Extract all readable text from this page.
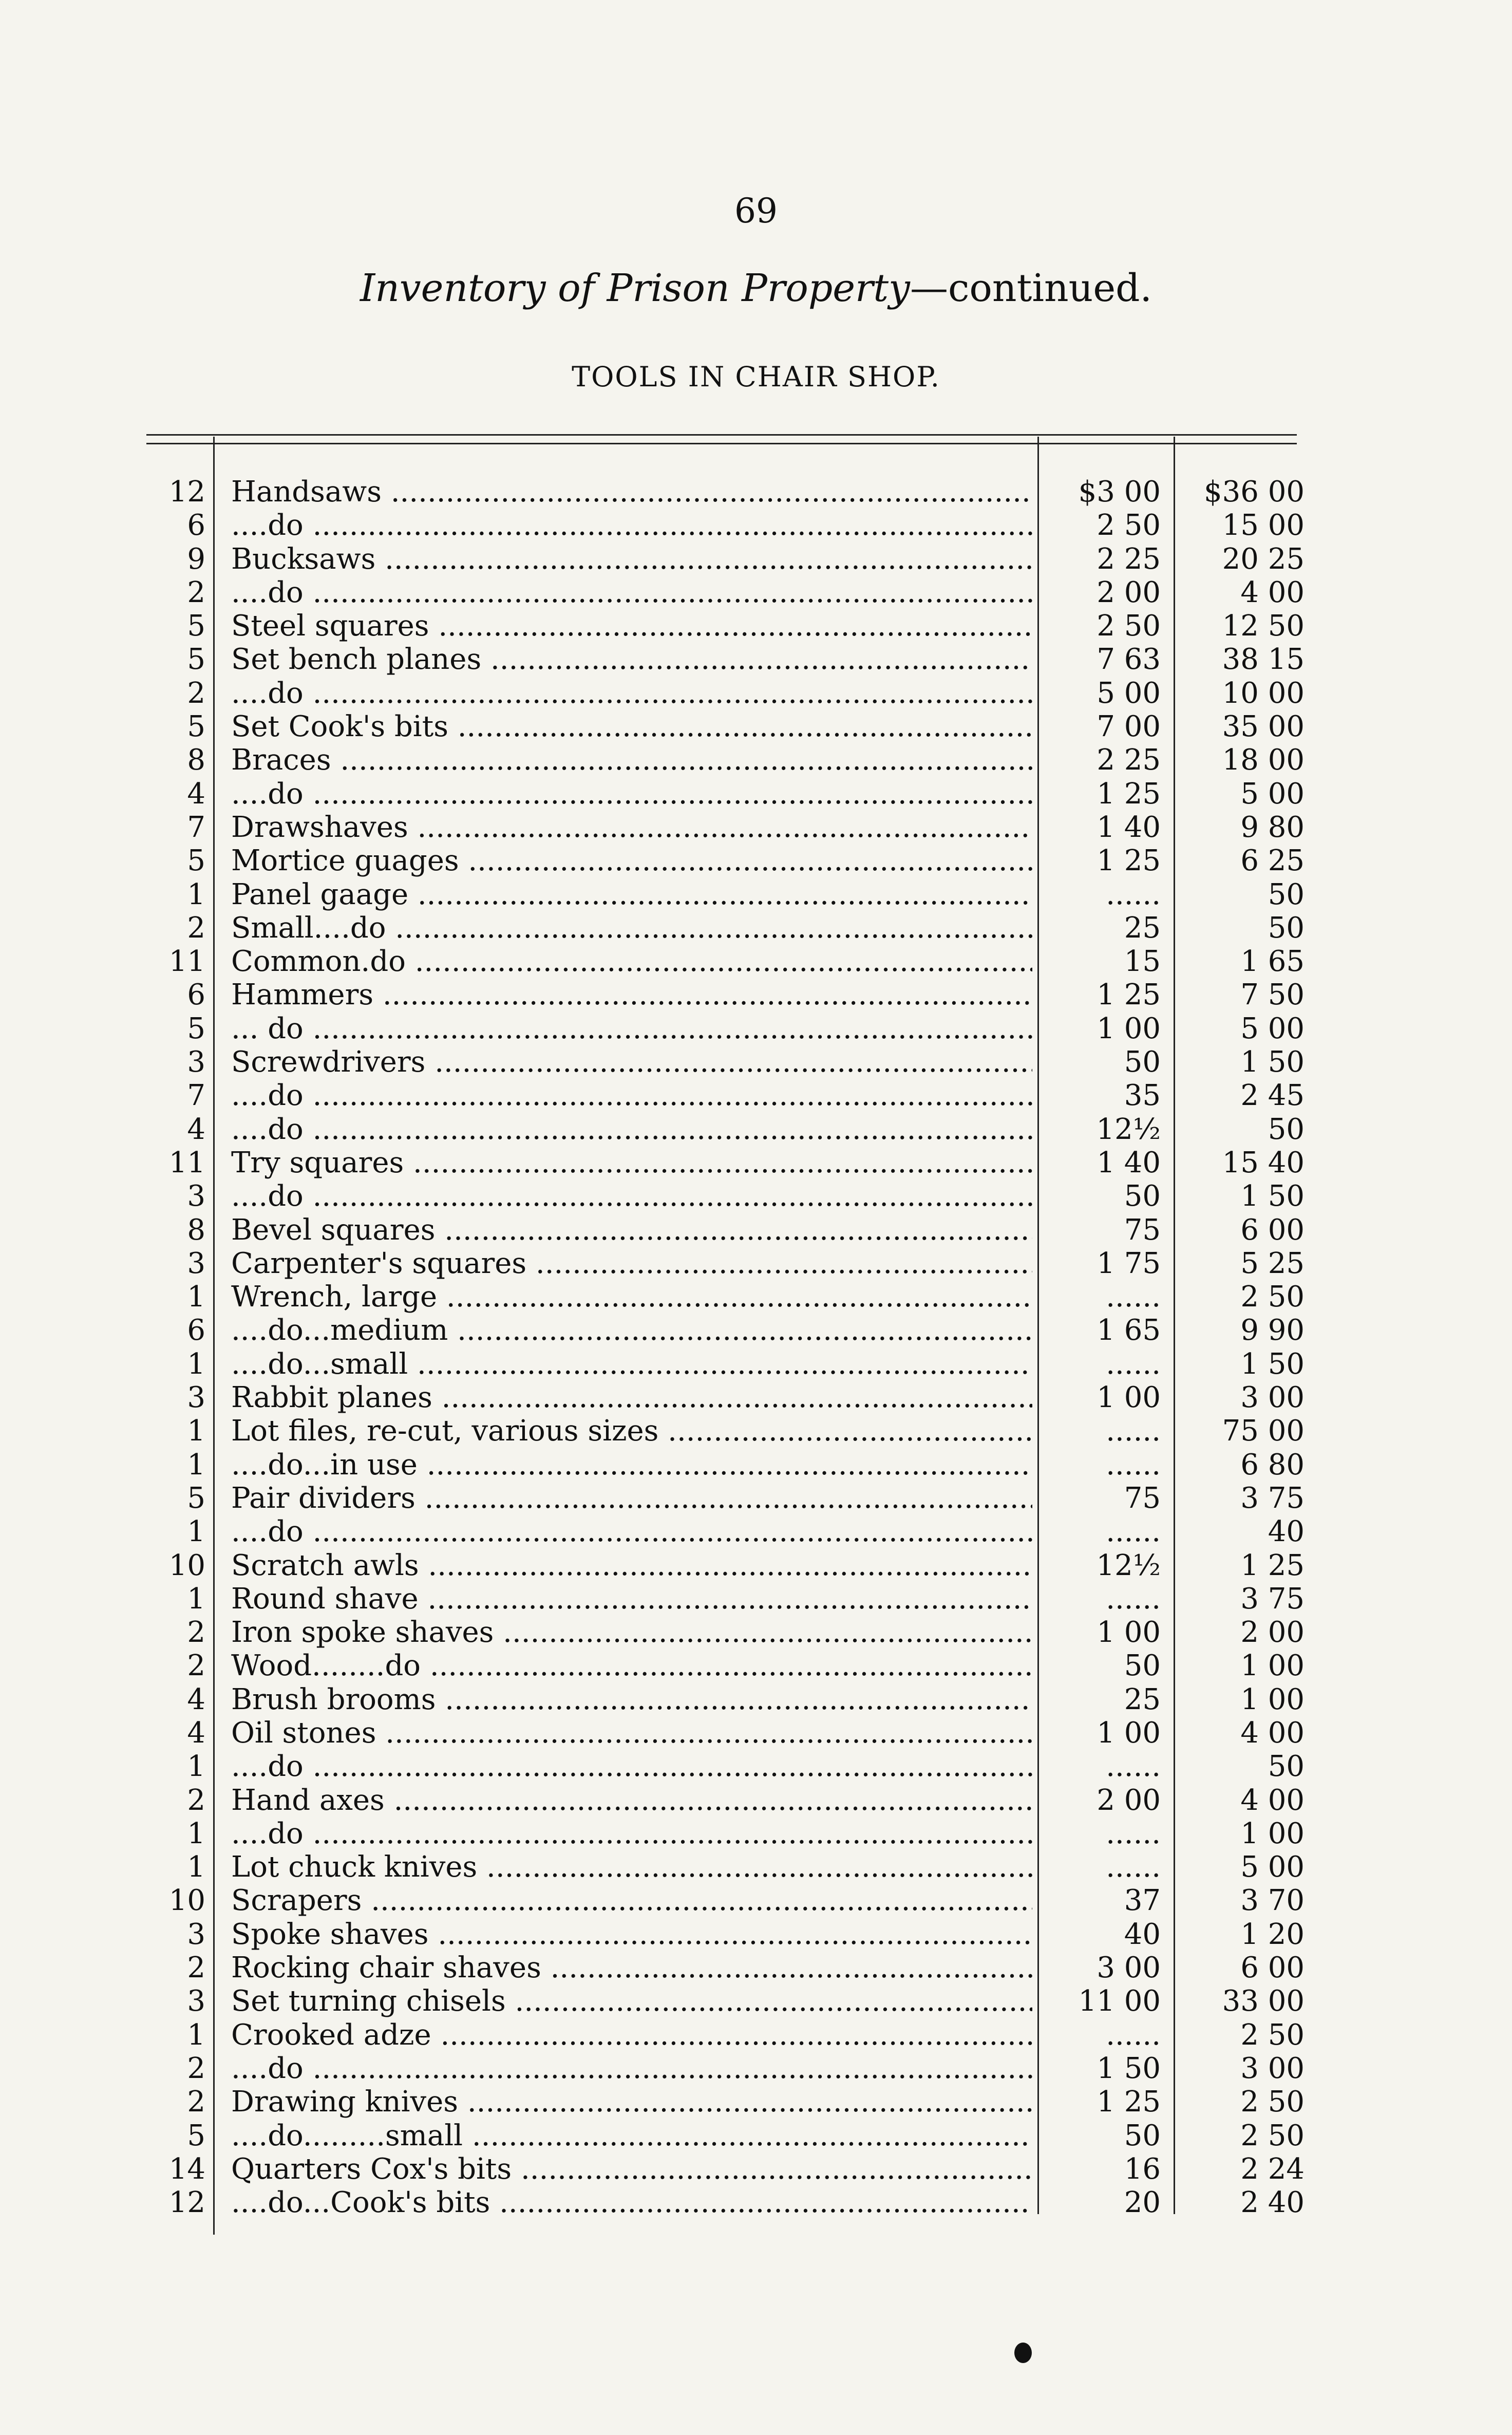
69
Inventory of Prison Property—continued.
TOOLS IN CHAIR SHOP.
12 Handsaws .....	$3 00	$36 00
6 ....do .....	2 50	15 00
9 Bucksaws .....	2 25	20 25
2 ....do .....	2 00	4 00
5 Steel squares .....	2 50	12 50
5 Set bench planes .....	7 63	38 15
2 ....do .....	5 00	10 00
5 Set Cook's bits .....	7 00	35 00
8 Braces .....	2 25	18 00
4 ....do .....	1 25	5 00
7 Drawshaves .....	1 40	9 80
5 Mortice guages .....	1 25	6 25
1 Panel gaage .....	......	50
2 Small....do .....	25	50
11 Common.do .....	15	1 65
6 Hammers .....	1 25	7 50
5 ... do .....	1 00	5 00
3 Screwdrivers .....	50	1 50
7 ....do .....	35	2 45
4 ....do .....	12½	50
11 Try squares .....	1 40	15 40
3 ....do .....	50	1 50
8 Bevel squares .....	75	6 00
3 Carpenter's squares .....	1 75	5 25
1 Wrench, large .....	......	2 50
6 ....do...medium .....	1 65	9 90
1 ....do...small .....	......	1 50
3 Rabbit planes .....	1 00	3 00
1 Lot files, re-cut, various sizes .....	......	75 00
1 ....do...in use .....	......	6 80
5 Pair dividers .....	75	3 75
1 ....do .....	......	40
10 Scratch awls .....	12½	1 25
1 Round shave .....	......	3 75
2 Iron spoke shaves .....	1 00	2 00
2 Wood........do .....	50	1 00
4 Brush brooms .....	25	1 00
4 Oil stones .....	1 00	4 00
1 ....do .....	......	50
2 Hand axes .....	2 00	4 00
1 ....do .....	......	1 00
1 Lot chuck knives .....	......	5 00
10 Scrapers .....	37	3 70
3 Spoke shaves .....	40	1 20
2 Rocking chair shaves .....	3 00	6 00
3 Set turning chisels .....	11 00	33 00
1 Crooked adze .....	......	2 50
2 ....do .....	1 50	3 00
2 Drawing knives .....	1 25	2 50
5 ....do.........small .....	50	2 50
14 Quarters Cox's bits .....	16	2 24
12 ....do...Cook's bits .....	20	2 40
